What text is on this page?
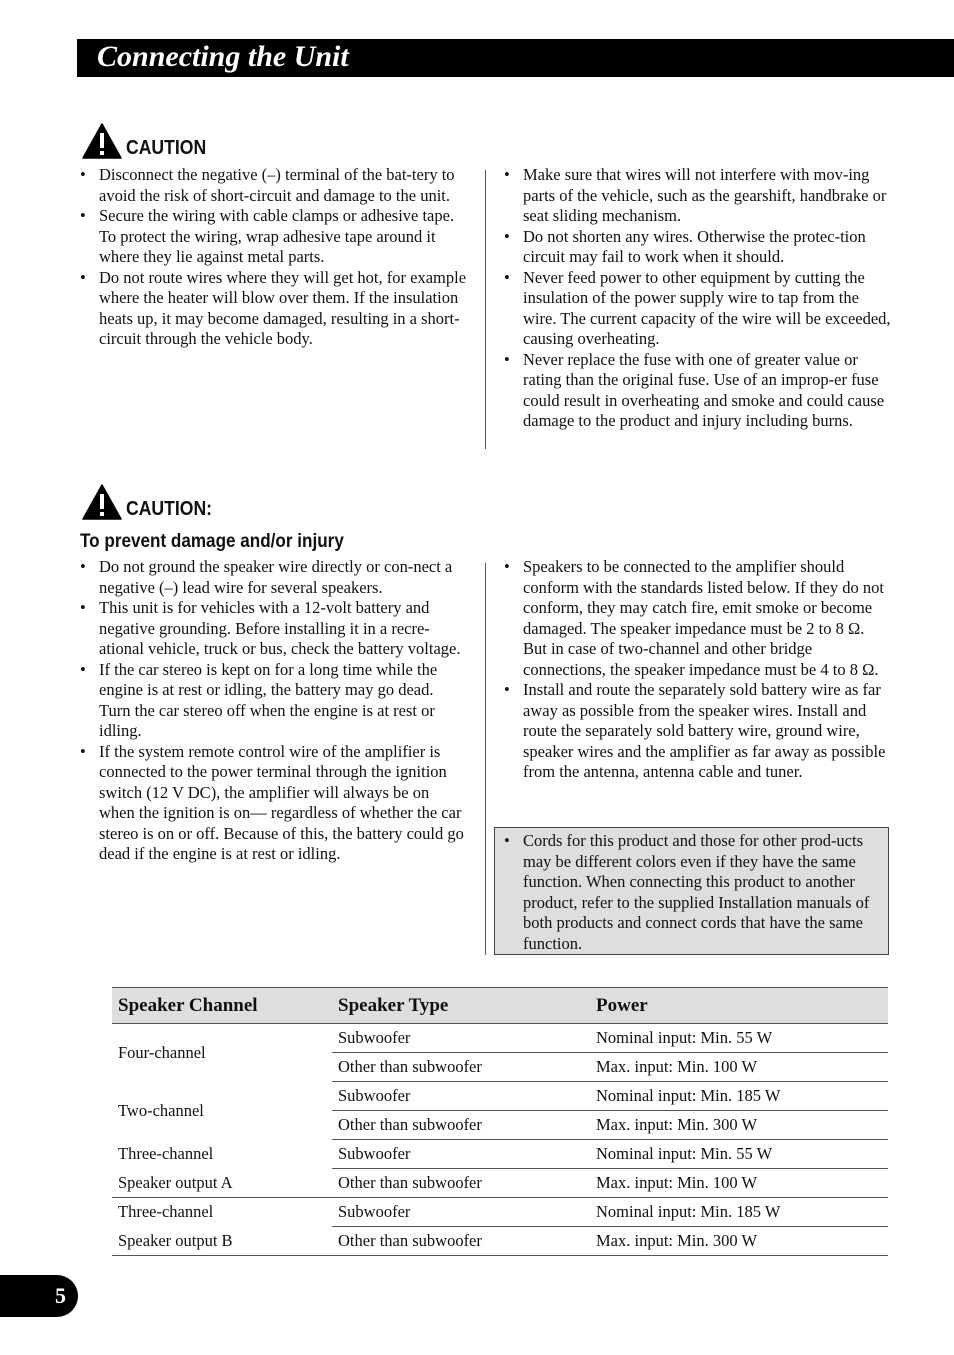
Connecting the Unit
CAUTION
• Disconnect the negative (–) terminal of the bat-tery to avoid the risk of short-circuit and damage to the unit.
• Secure the wiring with cable clamps or adhesive tape. To protect the wiring, wrap adhesive tape around it where they lie against metal parts.
• Do not route wires where they will get hot, for example where the heater will blow over them. If the insulation heats up, it may become damaged, resulting in a short-circuit through the vehicle body.
• Make sure that wires will not interfere with mov-ing parts of the vehicle, such as the gearshift, handbrake or seat sliding mechanism.
• Do not shorten any wires. Otherwise the protec-tion circuit may fail to work when it should.
• Never feed power to other equipment by cutting the insulation of the power supply wire to tap from the wire. The current capacity of the wire will be exceeded, causing overheating.
• Never replace the fuse with one of greater value or rating than the original fuse. Use of an improp-er fuse could result in overheating and smoke and could cause damage to the product and injury including burns.
CAUTION:
To prevent damage and/or injury
• Do not ground the speaker wire directly or con-nect a negative (–) lead wire for several speakers.
• This unit is for vehicles with a 12-volt battery and negative grounding. Before installing it in a recre-ational vehicle, truck or bus, check the battery voltage.
• If the car stereo is kept on for a long time while the engine is at rest or idling, the battery may go dead. Turn the car stereo off when the engine is at rest or idling.
• If the system remote control wire of the amplifier is connected to the power terminal through the ignition switch (12 V DC), the amplifier will always be on when the ignition is on— regardless of whether the car stereo is on or off. Because of this, the battery could go dead if the engine is at rest or idling.
• Speakers to be connected to the amplifier should conform with the standards listed below. If they do not conform, they may catch fire, emit smoke or become damaged. The speaker impedance must be 2 to 8 Ω. But in case of two-channel and other bridge connections, the speaker impedance must be 4 to 8 Ω.
• Install and route the separately sold battery wire as far away as possible from the speaker wires. Install and route the separately sold battery wire, ground wire, speaker wires and the amplifier as far away as possible from the antenna, antenna cable and tuner.
• Cords for this product and those for other prod-ucts may be different colors even if they have the same function. When connecting this product to another product, refer to the supplied Installation manuals of both products and connect cords that have the same function.
Speaker Channel	Speaker Type	Power
Four-channel	Subwoofer	Nominal input: Min. 55 W
	Other than subwoofer	Max. input: Min. 100 W
Two-channel	Subwoofer	Nominal input: Min. 185 W
	Other than subwoofer	Max. input: Min. 300 W
Three-channel	Subwoofer	Nominal input: Min. 55 W
Speaker output A	Other than subwoofer	Max. input: Min. 100 W
Three-channel	Subwoofer	Nominal input: Min. 185 W
Speaker output B	Other than subwoofer	Max. input: Min. 300 W
5
